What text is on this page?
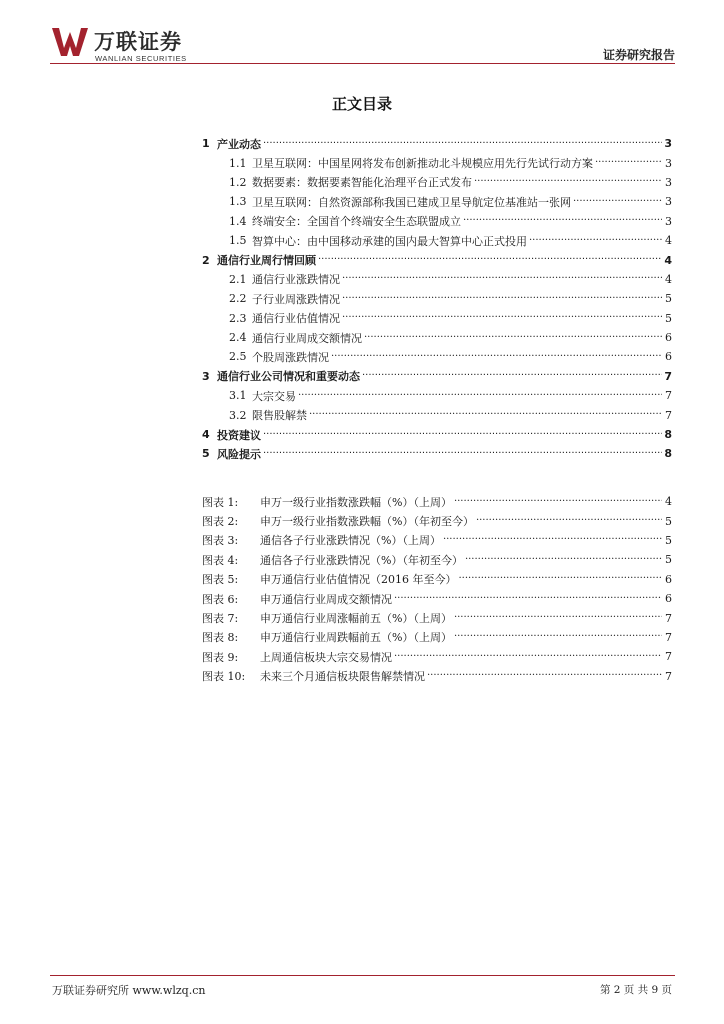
万联证券
WANLIAN SECURITIES	证券研究报告
正文目录
1 产业动态 .....	3
1.1 卫星互联网：中国星网将发布创新推动北斗规模应用先行先试行动方案 .....	3
1.2 数据要素：数据要素智能化治理平台正式发布 .....	3
1.3 卫星互联网：自然资源部称我国已建成卫星导航定位基准站一张网 .....	3
1.4 终端安全：全国首个终端安全生态联盟成立 .....	3
1.5 智算中心：由中国移动承建的国内最大智算中心正式投用 .....	4
2 通信行业周行情回顾 .....	4
2.1 通信行业涨跌情况 .....	4
2.2 子行业周涨跌情况 .....	5
2.3 通信行业估值情况 .....	5
2.4 通信行业周成交额情况 .....	6
2.5 个股周涨跌情况 .....	6
3 通信行业公司情况和重要动态 .....	7
3.1 大宗交易 .....	7
3.2 限售股解禁 .....	7
4 投资建议 .....	8
5 风险提示 .....	8
图表 1:	申万一级行业指数涨跌幅（%）（上周） .....	4
图表 2:	申万一级行业指数涨跌幅（%）（年初至今） .....	5
图表 3:	通信各子行业涨跌情况（%）（上周） .....	5
图表 4:	通信各子行业涨跌情况（%）（年初至今） .....	5
图表 5:	申万通信行业估值情况（2016 年至今） .....	6
图表 6:	申万通信行业周成交额情况 .....	6
图表 7:	申万通信行业周涨幅前五（%）（上周） .....	7
图表 8:	申万通信行业周跌幅前五（%）（上周） .....	7
图表 9:	上周通信板块大宗交易情况 .....	7
图表 10:	未来三个月通信板块限售解禁情况 .....	7
万联证券研究所 www.wlzq.cn	第 2 页 共 9 页
